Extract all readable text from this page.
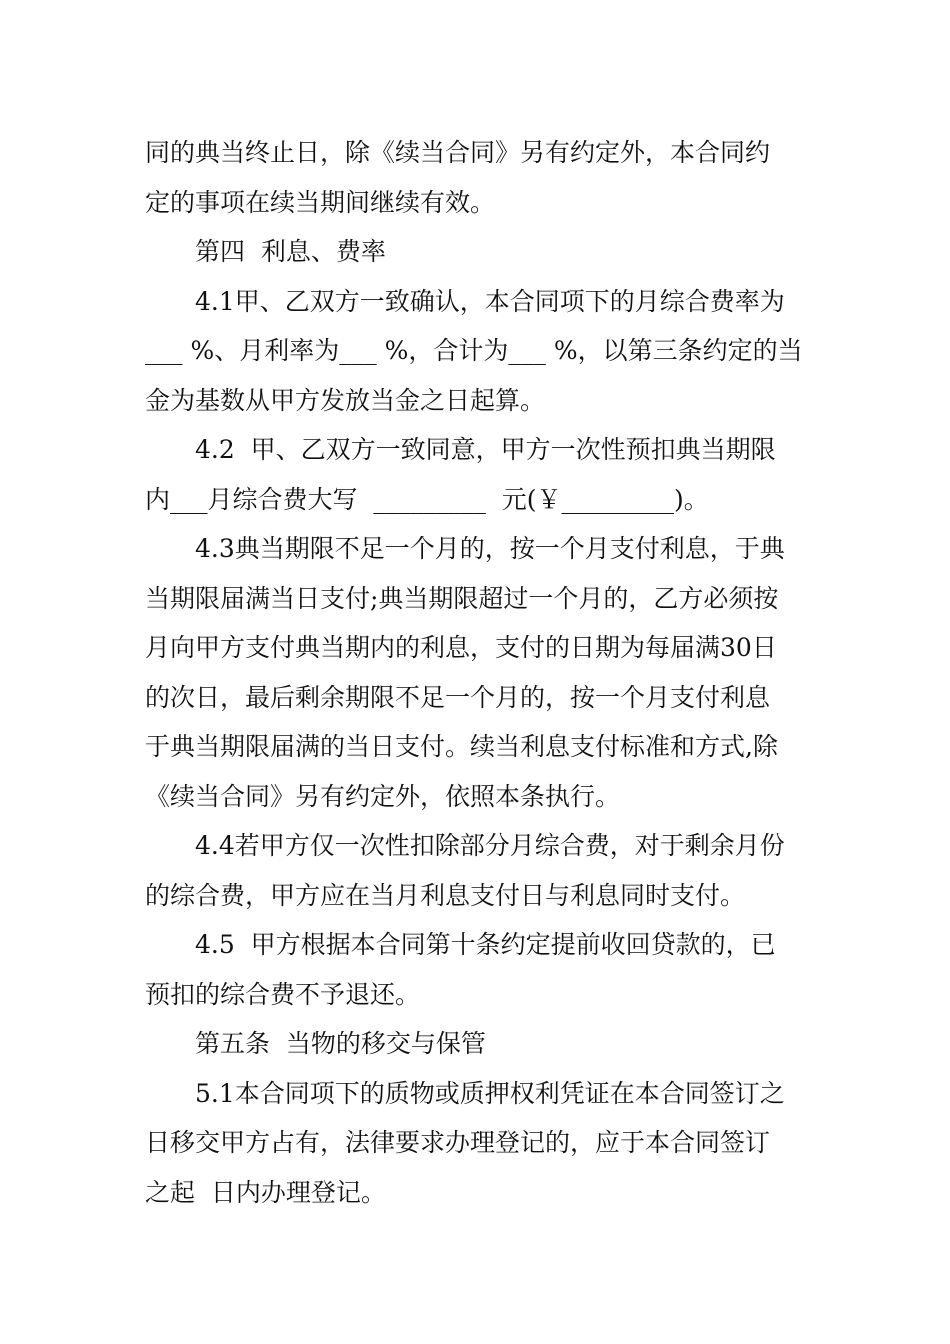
同的典当终止日，除《续当合同》另有约定外，本合同约
定的事项在续当期间继续有效。
第四  利息、费率
4.1甲、乙双方一致确认，本合同项下的月综合费率为
___ %、月利率为___ %，合计为___ %，以第三条约定的当
金为基数从甲方发放当金之日起算。
4.2  甲、乙双方一致同意，甲方一次性预扣典当期限
内___月综合费大写  _________  元(￥_________)。
4.3典当期限不足一个月的，按一个月支付利息，于典
当期限届满当日支付;典当期限超过一个月的，乙方必须按
月向甲方支付典当期内的利息，支付的日期为每届满30日
的次日，最后剩余期限不足一个月的，按一个月支付利息
于典当期限届满的当日支付。续当利息支付标准和方式,除
《续当合同》另有约定外，依照本条执行。
4.4若甲方仅一次性扣除部分月综合费，对于剩余月份
的综合费，甲方应在当月利息支付日与利息同时支付。
4.5  甲方根据本合同第十条约定提前收回贷款的，已
预扣的综合费不予退还。
第五条  当物的移交与保管
5.1本合同项下的质物或质押权利凭证在本合同签订之
日移交甲方占有，法律要求办理登记的，应于本合同签订
之起  日内办理登记。
